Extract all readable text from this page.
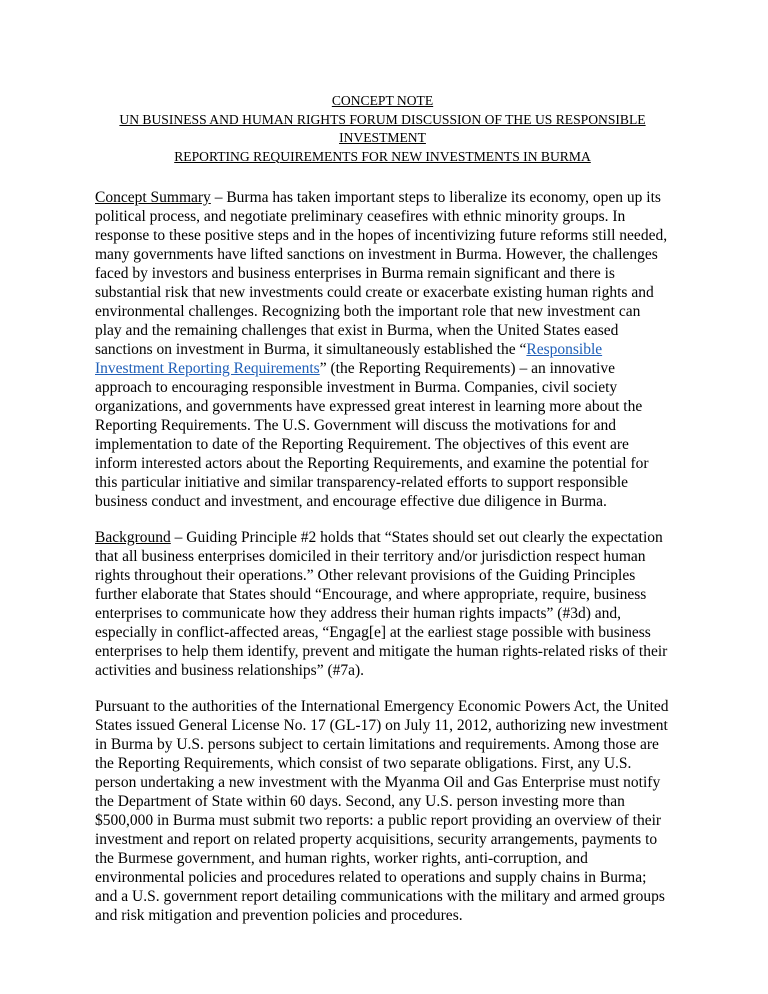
CONCEPT NOTE
UN BUSINESS AND HUMAN RIGHTS FORUM DISCUSSION OF THE US RESPONSIBLE INVESTMENT
REPORTING REQUIREMENTS FOR NEW INVESTMENTS IN BURMA

Concept Summary – Burma has taken important steps to liberalize its economy, open up its political process, and negotiate preliminary ceasefires with ethnic minority groups. In response to these positive steps and in the hopes of incentivizing future reforms still needed, many governments have lifted sanctions on investment in Burma. However, the challenges faced by investors and business enterprises in Burma remain significant and there is substantial risk that new investments could create or exacerbate existing human rights and environmental challenges. Recognizing both the important role that new investment can play and the remaining challenges that exist in Burma, when the United States eased sanctions on investment in Burma, it simultaneously established the “Responsible Investment Reporting Requirements” (the Reporting Requirements) – an innovative approach to encouraging responsible investment in Burma. Companies, civil society organizations, and governments have expressed great interest in learning more about the Reporting Requirements. The U.S. Government will discuss the motivations for and implementation to date of the Reporting Requirement. The objectives of this event are inform interested actors about the Reporting Requirements, and examine the potential for this particular initiative and similar transparency-related efforts to support responsible business conduct and investment, and encourage effective due diligence in Burma.

Background – Guiding Principle #2 holds that “States should set out clearly the expectation that all business enterprises domiciled in their territory and/or jurisdiction respect human rights throughout their operations.” Other relevant provisions of the Guiding Principles further elaborate that States should “Encourage, and where appropriate, require, business enterprises to communicate how they address their human rights impacts” (#3d) and, especially in conflict-affected areas, “Engag[e] at the earliest stage possible with business enterprises to help them identify, prevent and mitigate the human rights-related risks of their activities and business relationships” (#7a).

Pursuant to the authorities of the International Emergency Economic Powers Act, the United States issued General License No. 17 (GL-17) on July 11, 2012, authorizing new investment in Burma by U.S. persons subject to certain limitations and requirements. Among those are the Reporting Requirements, which consist of two separate obligations. First, any U.S. person undertaking a new investment with the Myanma Oil and Gas Enterprise must notify the Department of State within 60 days. Second, any U.S. person investing more than $500,000 in Burma must submit two reports: a public report providing an overview of their investment and report on related property acquisitions, security arrangements, payments to the Burmese government, and human rights, worker rights, anti-corruption, and environmental policies and procedures related to operations and supply chains in Burma; and a U.S. government report detailing communications with the military and armed groups and risk mitigation and prevention policies and procedures.
